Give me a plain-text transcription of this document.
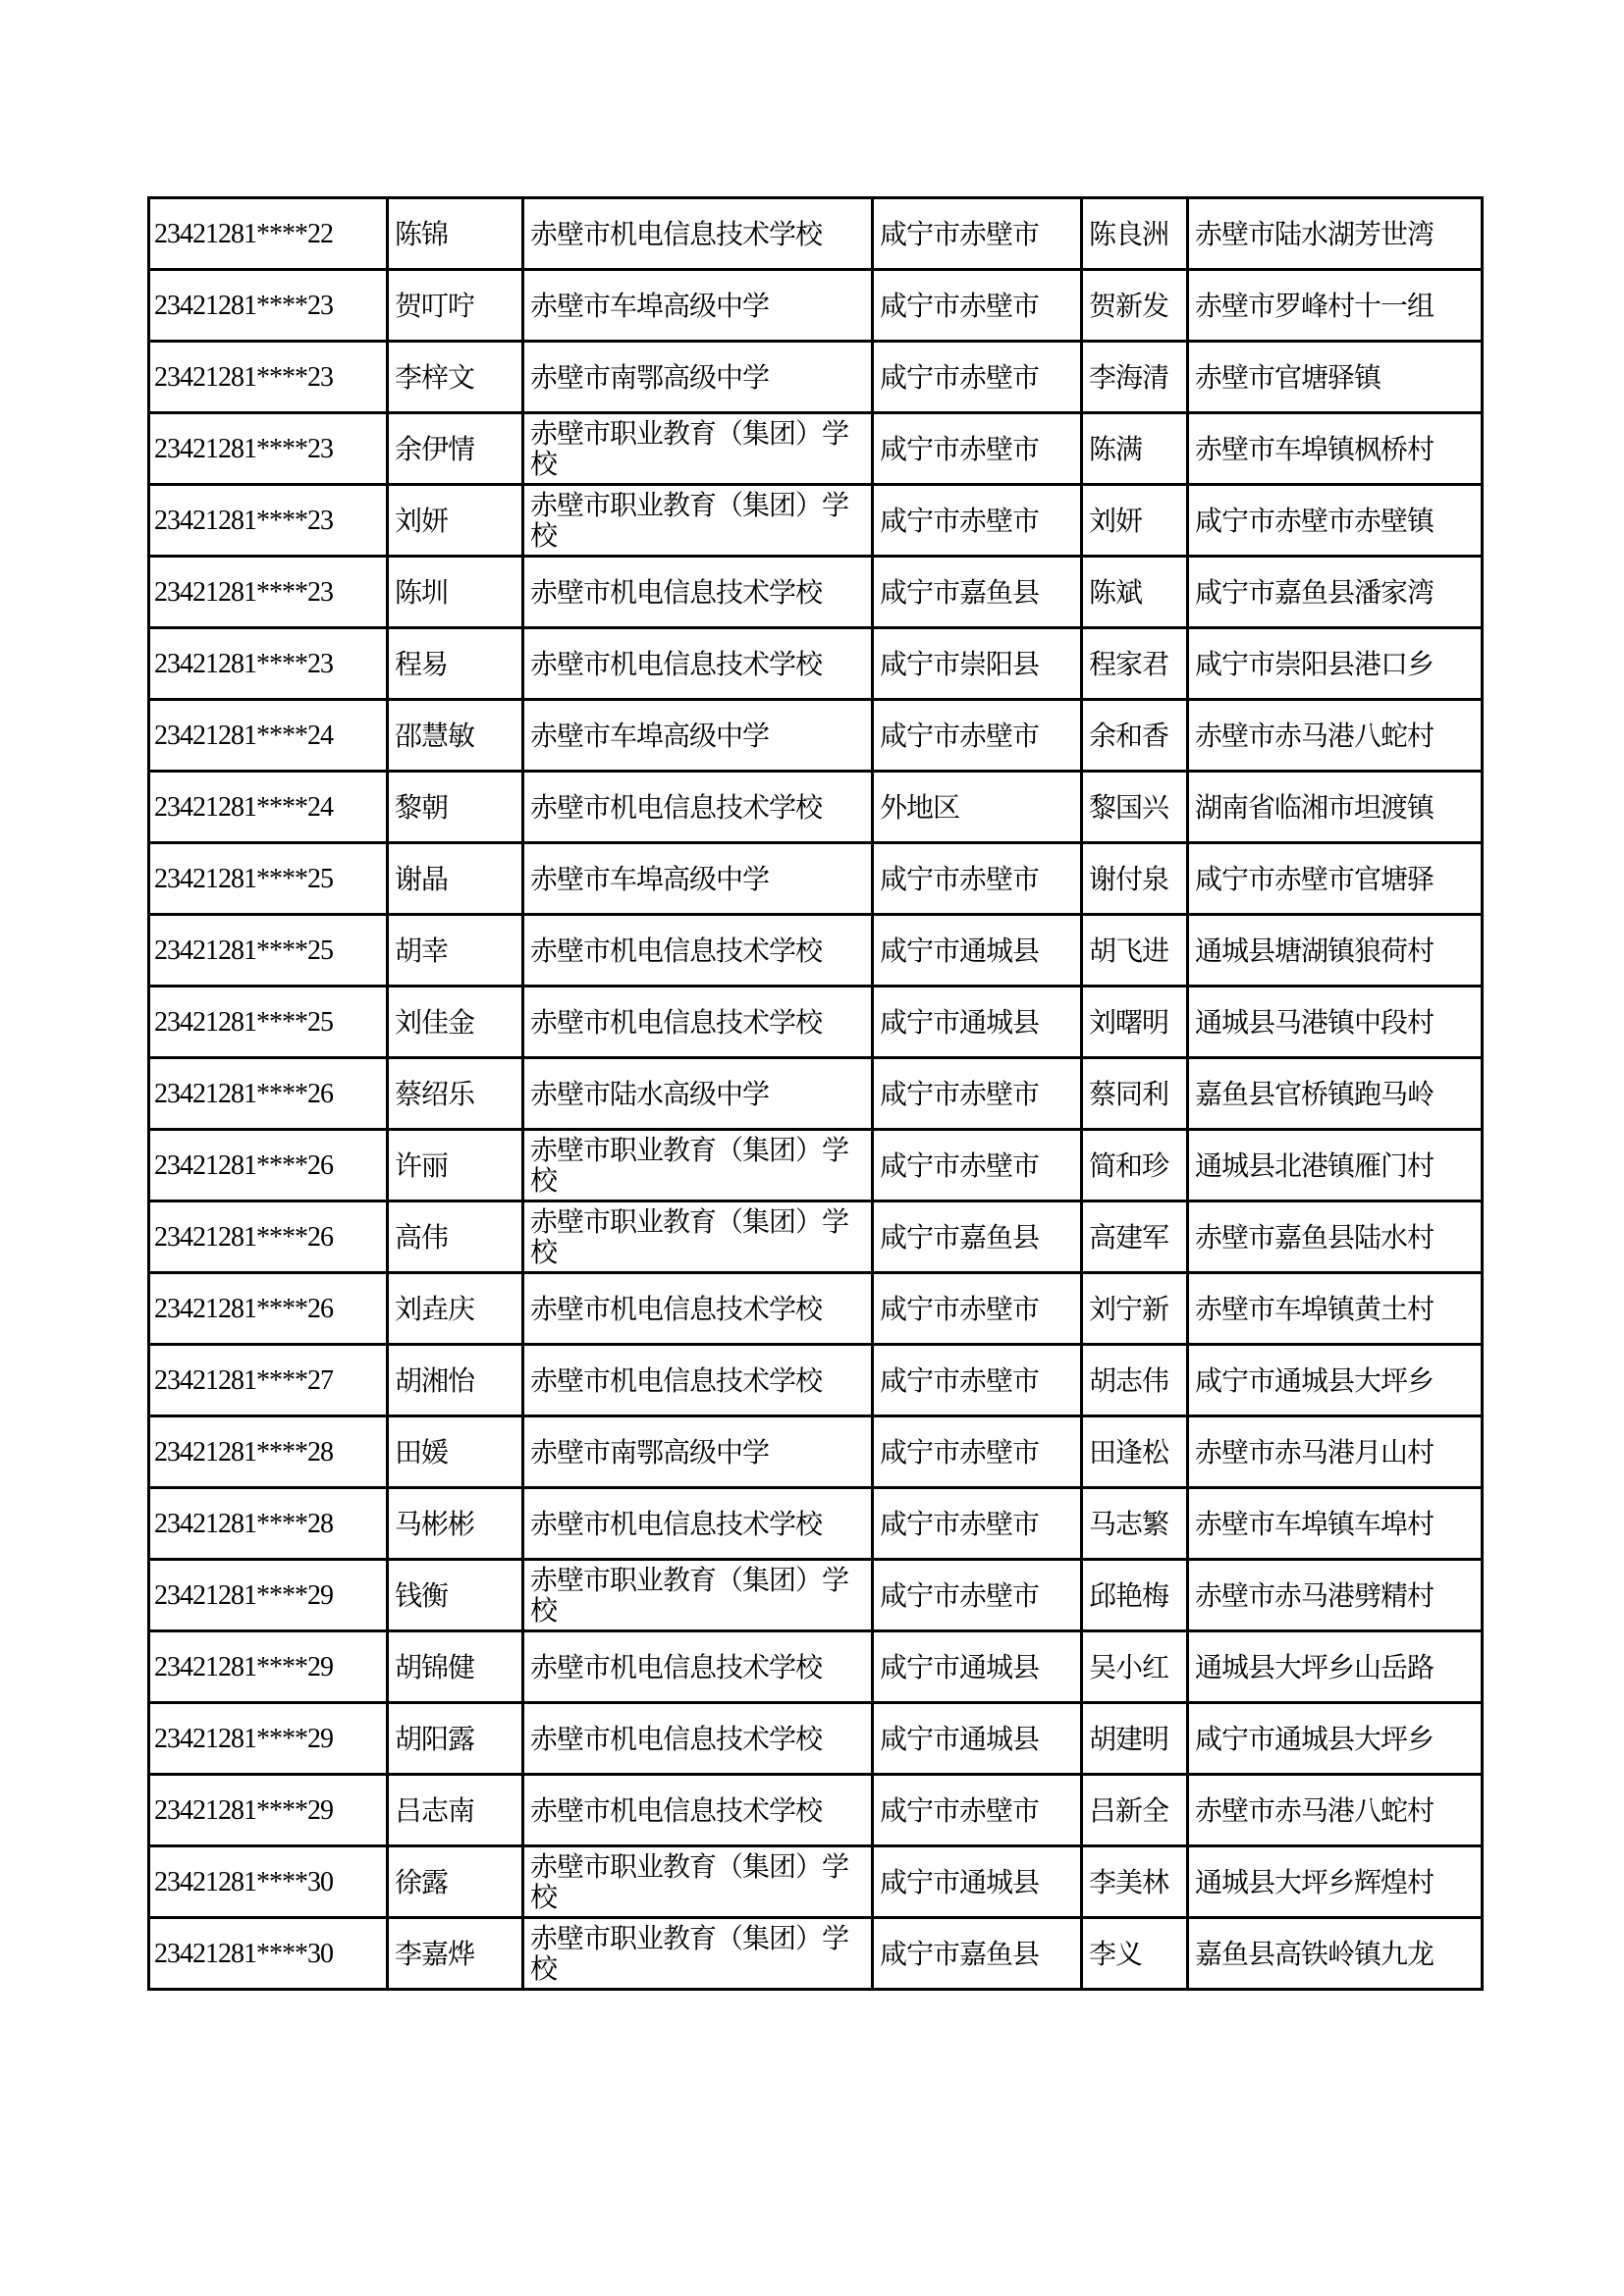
23421281****22	陈锦	赤壁市机电信息技术学校	咸宁市赤壁市	陈良洲	赤壁市陆水湖芳世湾
23421281****23	贺叮咛	赤壁市车埠高级中学	咸宁市赤壁市	贺新发	赤壁市罗峰村十一组
23421281****23	李梓文	赤壁市南鄂高级中学	咸宁市赤壁市	李海清	赤壁市官塘驿镇
23421281****23	余伊情	赤壁市职业教育（集团）学校	咸宁市赤壁市	陈满	赤壁市车埠镇枫桥村
23421281****23	刘妍	赤壁市职业教育（集团）学校	咸宁市赤壁市	刘妍	咸宁市赤壁市赤壁镇
23421281****23	陈圳	赤壁市机电信息技术学校	咸宁市嘉鱼县	陈斌	咸宁市嘉鱼县潘家湾
23421281****23	程易	赤壁市机电信息技术学校	咸宁市崇阳县	程家君	咸宁市崇阳县港口乡
23421281****24	邵慧敏	赤壁市车埠高级中学	咸宁市赤壁市	余和香	赤壁市赤马港八蛇村
23421281****24	黎朝	赤壁市机电信息技术学校	外地区	黎国兴	湖南省临湘市坦渡镇
23421281****25	谢晶	赤壁市车埠高级中学	咸宁市赤壁市	谢付泉	咸宁市赤壁市官塘驿
23421281****25	胡幸	赤壁市机电信息技术学校	咸宁市通城县	胡飞进	通城县塘湖镇狼荷村
23421281****25	刘佳金	赤壁市机电信息技术学校	咸宁市通城县	刘曙明	通城县马港镇中段村
23421281****26	蔡绍乐	赤壁市陆水高级中学	咸宁市赤壁市	蔡同利	嘉鱼县官桥镇跑马岭
23421281****26	许丽	赤壁市职业教育（集团）学校	咸宁市赤壁市	简和珍	通城县北港镇雁门村
23421281****26	高伟	赤壁市职业教育（集团）学校	咸宁市嘉鱼县	高建军	赤壁市嘉鱼县陆水村
23421281****26	刘垚庆	赤壁市机电信息技术学校	咸宁市赤壁市	刘宁新	赤壁市车埠镇黄土村
23421281****27	胡湘怡	赤壁市机电信息技术学校	咸宁市赤壁市	胡志伟	咸宁市通城县大坪乡
23421281****28	田媛	赤壁市南鄂高级中学	咸宁市赤壁市	田逢松	赤壁市赤马港月山村
23421281****28	马彬彬	赤壁市机电信息技术学校	咸宁市赤壁市	马志繁	赤壁市车埠镇车埠村
23421281****29	钱衡	赤壁市职业教育（集团）学校	咸宁市赤壁市	邱艳梅	赤壁市赤马港劈精村
23421281****29	胡锦健	赤壁市机电信息技术学校	咸宁市通城县	吴小红	通城县大坪乡山岳路
23421281****29	胡阳露	赤壁市机电信息技术学校	咸宁市通城县	胡建明	咸宁市通城县大坪乡
23421281****29	吕志南	赤壁市机电信息技术学校	咸宁市赤壁市	吕新全	赤壁市赤马港八蛇村
23421281****30	徐露	赤壁市职业教育（集团）学校	咸宁市通城县	李美林	通城县大坪乡辉煌村
23421281****30	李嘉烨	赤壁市职业教育（集团）学校	咸宁市嘉鱼县	李义	嘉鱼县高铁岭镇九龙
